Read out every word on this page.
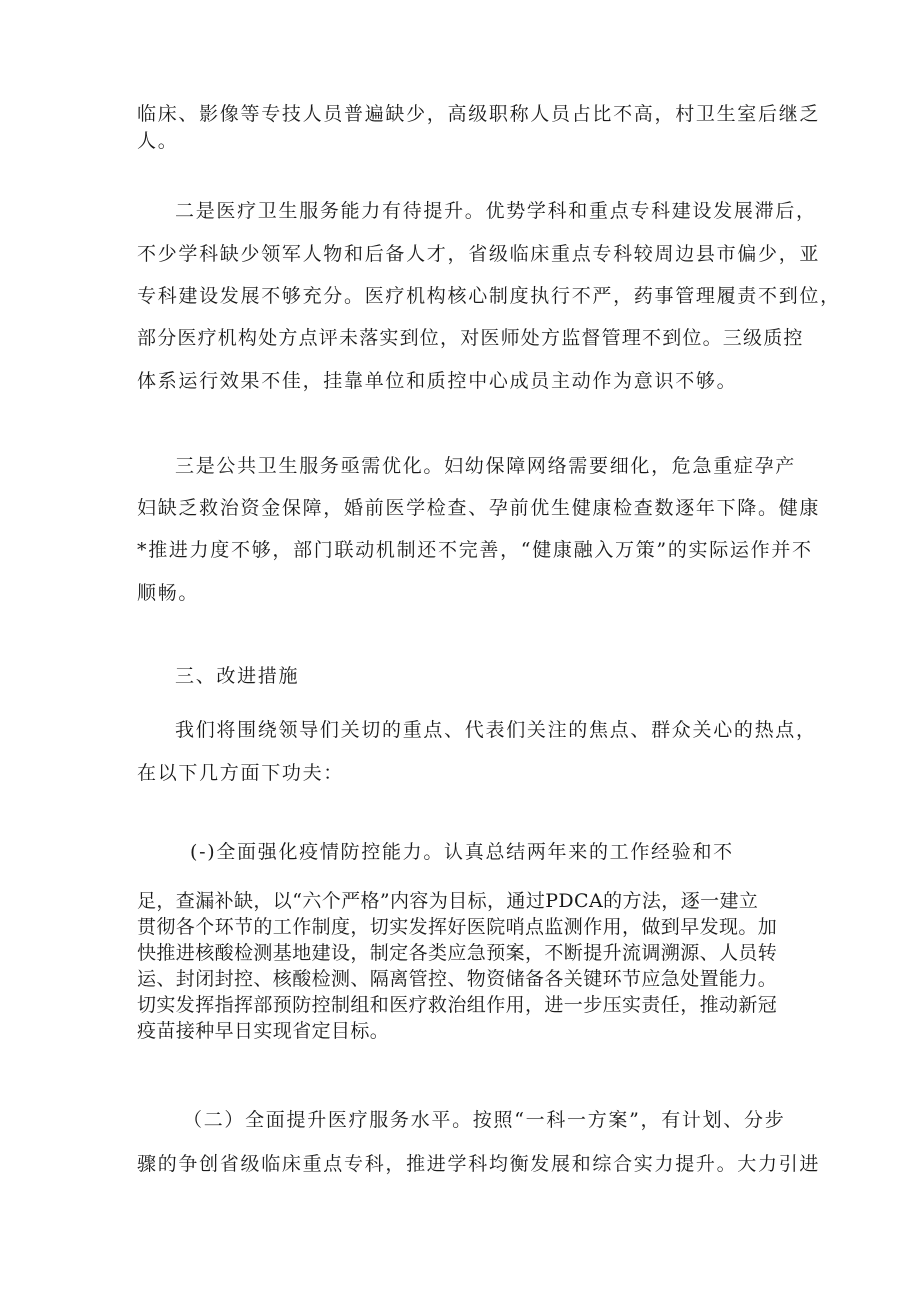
临床、影像等专技人员普遍缺少，高级职称人员占比不高，村卫生室后继乏
人。
二是医疗卫生服务能力有待提升。优势学科和重点专科建设发展滞后，
不少学科缺少领军人物和后备人才，省级临床重点专科较周边县市偏少，亚
专科建设发展不够充分。医疗机构核心制度执行不严，药事管理履责不到位，
部分医疗机构处方点评未落实到位，对医师处方监督管理不到位。三级质控
体系运行效果不佳，挂靠单位和质控中心成员主动作为意识不够。
三是公共卫生服务亟需优化。妇幼保障网络需要细化，危急重症孕产
妇缺乏救治资金保障，婚前医学检查、孕前优生健康检查数逐年下降。健康
*推进力度不够，部门联动机制还不完善，“健康融入万策”的实际运作并不
顺畅。
三、改进措施
我们将围绕领导们关切的重点、代表们关注的焦点、群众关心的热点，
在以下几方面下功夫：
(-)全面强化疫情防控能力。认真总结两年来的工作经验和不
足，查漏补缺，以“六个严格”内容为目标，通过PDCA的方法，逐一建立
贯彻各个环节的工作制度，切实发挥好医院哨点监测作用，做到早发现。加
快推进核酸检测基地建设，制定各类应急预案，不断提升流调溯源、人员转
运、封闭封控、核酸检测、隔离管控、物资储备各关键环节应急处置能力。
切实发挥指挥部预防控制组和医疗救治组作用，进一步压实责任，推动新冠
疫苗接种早日实现省定目标。
（二）全面提升医疗服务水平。按照“一科一方案”，有计划、分步
骤的争创省级临床重点专科，推进学科均衡发展和综合实力提升。大力引进
